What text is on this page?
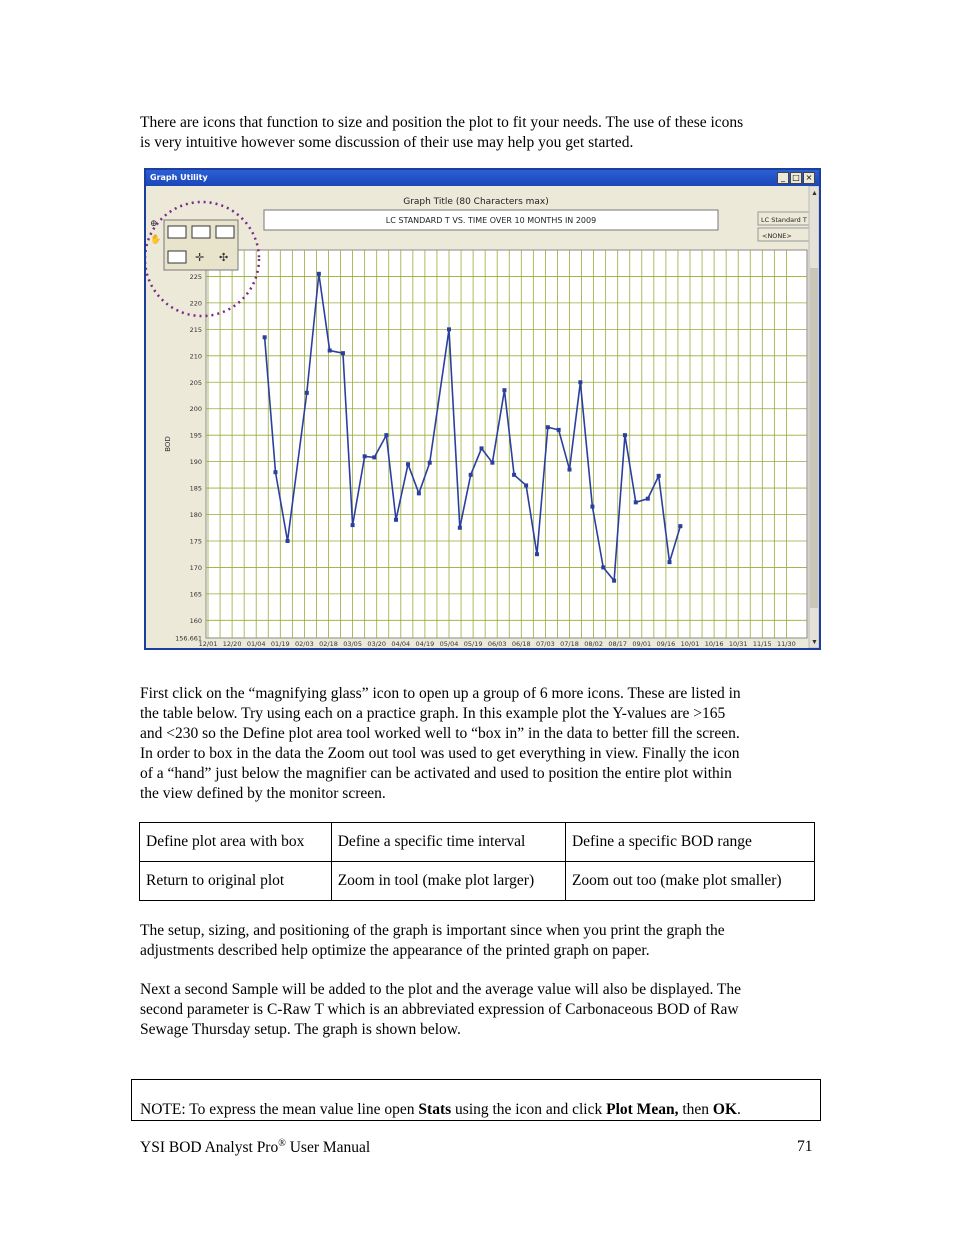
There are icons that function to size and position the plot to fit your needs. The use of these icons
is very intuitive however some discussion of their use may help you get started.

Graph Utility	_ □ ×
160
165
170
175
180
185
190
195
200
205
210
215
220
225
156.661
12/01 12/20 01/04 01/19 02/03 02/18 03/05 03/20 04/04 04/19 05/04 05/19 06/03 06/18 07/03 07/18 08/02 08/17 09/01 09/16 10/01 10/16 10/31 11/15 11/30
BOD
Graph Title (80 Characters max)
LC STANDARD T VS. TIME OVER 10 MONTHS IN 2009	LC Standard T
<NONE>
▲
▼
⊕
✋
✛ ✣

First click on the “magnifying glass” icon to open up a group of 6 more icons. These are listed in
the table below. Try using each on a practice graph. In this example plot the Y-values are >165
and <230 so the Define plot area tool worked well to “box in” in the data to better fill the screen.
In order to box in the data the Zoom out tool was used to get everything in view. Finally the icon
of a “hand” just below the magnifier can be activated and used to position the entire plot within
the view defined by the monitor screen.

Define plot area with box	Define a specific time interval	Define a specific BOD range
Return to original plot	Zoom in tool (make plot larger)	Zoom out too (make plot smaller)

The setup, sizing, and positioning of the graph is important since when you print the graph the
adjustments described help optimize the appearance of the printed graph on paper.

Next a second Sample will be added to the plot and the average value will also be displayed. The
second parameter is C-Raw T which is an abbreviated expression of Carbonaceous BOD of Raw
Sewage Thursday setup. The graph is shown below.

NOTE: To express the mean value line open Stats using the icon and click Plot Mean, then OK.
YSI BOD Analyst Pro® User Manual	71
